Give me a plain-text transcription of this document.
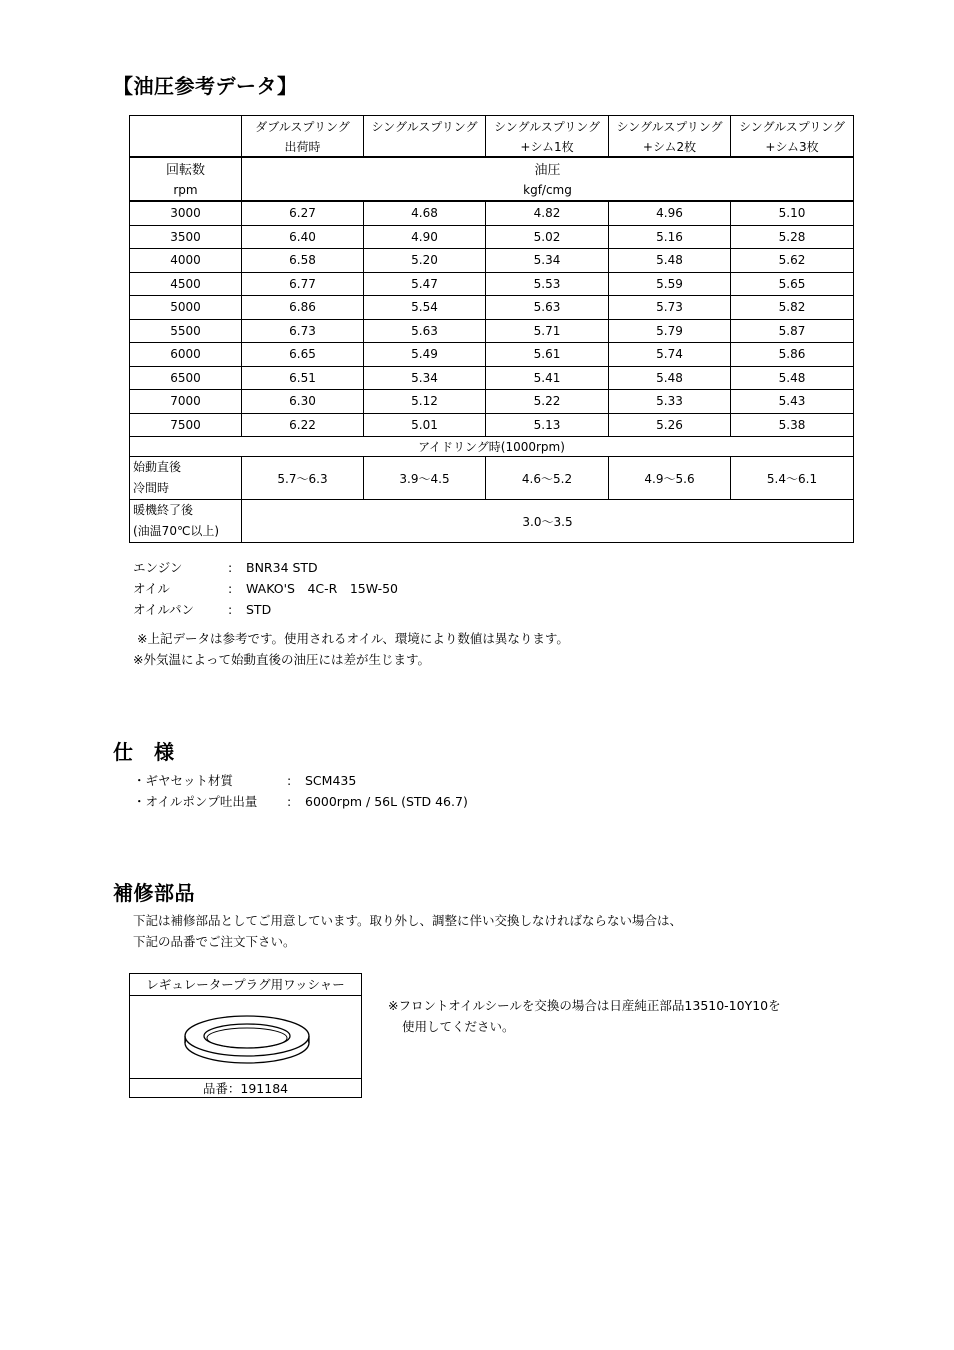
【油圧参考データ】
	ダブルスプリング	シングルスプリング	シングルスプリング	シングルスプリング	シングルスプリング
	出荷時		+シム1枚	+シム2枚	+シム3枚
回転数	油圧				
rpm	kgf/cmg				
3000	6.27	4.68	4.82	4.96	5.10
3500	6.40	4.90	5.02	5.16	5.28
4000	6.58	5.20	5.34	5.48	5.62
4500	6.77	5.47	5.53	5.59	5.65
5000	6.86	5.54	5.63	5.73	5.82
5500	6.73	5.63	5.71	5.79	5.87
6000	6.65	5.49	5.61	5.74	5.86
6500	6.51	5.34	5.41	5.48	5.48
7000	6.30	5.12	5.22	5.33	5.43
7500	6.22	5.01	5.13	5.26	5.38
アイドリング時(1000rpm)					
始動直後
冷間時	5.7〜6.3	3.9〜4.5	4.6〜5.2	4.9〜5.6	5.4〜6.1
暖機終了後
(油温70℃以上)	3.0〜3.5				
エンジン	: BNR34 STD
オイル	: WAKO'S　4C-R　15W-50
オイルパン	: STD
※上記データは参考です。使用されるオイル、環境により数値は異なります。
※外気温によって始動直後の油圧には差が生じます。
仕　様
・ギヤセット材質	: SCM435
・オイルポンプ吐出量 : 6000rpm / 56L (STD 46.7)
補修部品
下記は補修部品としてご用意しています。取り外し、調整に伴い交換しなければならない場合は、
下記の品番でご注文下さい。
レギュレータープラグ用ワッシャー
品番：191184
※フロントオイルシールを交換の場合は日産純正部品13510-10Y10を
使用してください。
